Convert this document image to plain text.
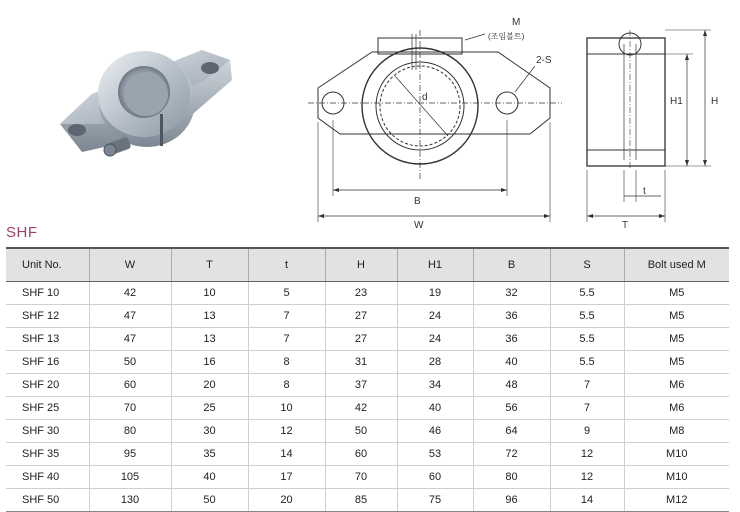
M
(조임볼트)
2-S
d
B
W
H1	H
t
T
SHF
Unit No.	W	T	t	H	H1	B	S	Bolt used M
SHF 10	42	10	5	23	19	32	5.5	M5
SHF 12	47	13	7	27	24	36	5.5	M5
SHF 13	47	13	7	27	24	36	5.5	M5
SHF 16	50	16	8	31	28	40	5.5	M5
SHF 20	60	20	8	37	34	48	7	M6
SHF 25	70	25	10	42	40	56	7	M6
SHF 30	80	30	12	50	46	64	9	M8
SHF 35	95	35	14	60	53	72	12	M10
SHF 40	105	40	17	70	60	80	12	M10
SHF 50	130	50	20	85	75	96	14	M12
